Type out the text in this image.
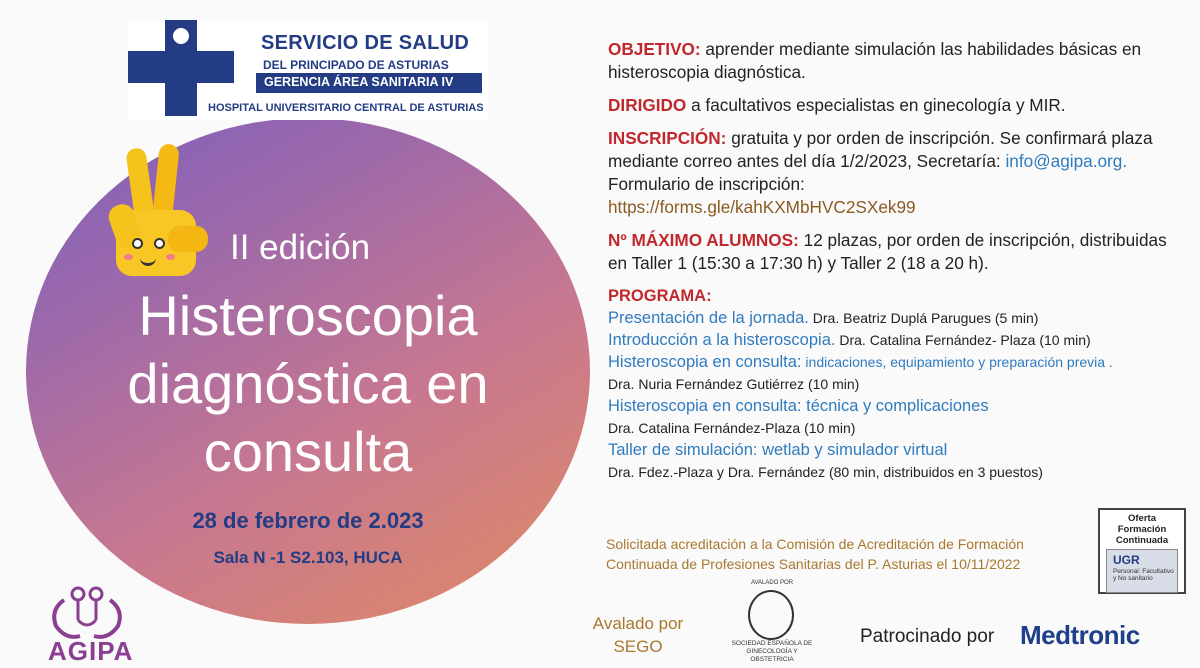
SERVICIO DE SALUD
DEL PRINCIPADO DE ASTURIAS
GERENCIA ÁREA SANITARIA IV
HOSPITAL UNIVERSITARIO CENTRAL DE ASTURIAS
II edición
Histeroscopia
diagnóstica en
consulta
28 de febrero de 2.023
Sala N -1 S2.103, HUCA
AGIPA

OBJETIVO: aprender mediante simulación las habilidades básicas en histeroscopia diagnóstica.

DIRIGIDO a facultativos especialistas en ginecología y MIR.

INSCRIPCIÓN: gratuita y por orden de inscripción. Se confirmará plaza mediante correo antes del día 1/2/2023, Secretaría: info@agipa.org.

Formulario de inscripción:

https://forms.gle/kahKXMbHVC2SXek99

Nº MÁXIMO ALUMNOS: 12 plazas, por orden de inscripción, distribuidas en Taller 1 (15:30 a 17:30 h) y Taller 2 (18 a 20 h).

PROGRAMA:
Presentación de la jornada. Dra. Beatriz Duplá Parugues (5 min)
Introducción a la histeroscopia. Dra. Catalina Fernández- Plaza (10 min)
Histeroscopia en consulta: indicaciones, equipamiento y preparación previa .
Dra. Nuria Fernández Gutiérrez (10 min)
Histeroscopia en consulta: técnica y complicaciones
Dra. Catalina Fernández-Plaza (10 min)
Taller de simulación: wetlab y simulador virtual
Dra. Fdez.-Plaza y Dra. Fernández (80 min, distribuidos en 3 puestos)
Solicitada acreditación a la Comisión de Acreditación de Formación Continuada de Profesiones Sanitarias del P. Asturias el 10/11/2022
Oferta
Formación
Continuada
UGR
Personal: Facultativo y No sanitario
Avalado por SEGO
AVALADO POR
SOCIEDAD ESPAÑOLA DE GINECOLOGÍA Y OBSTETRICIA
Patrocinado por Medtronic
